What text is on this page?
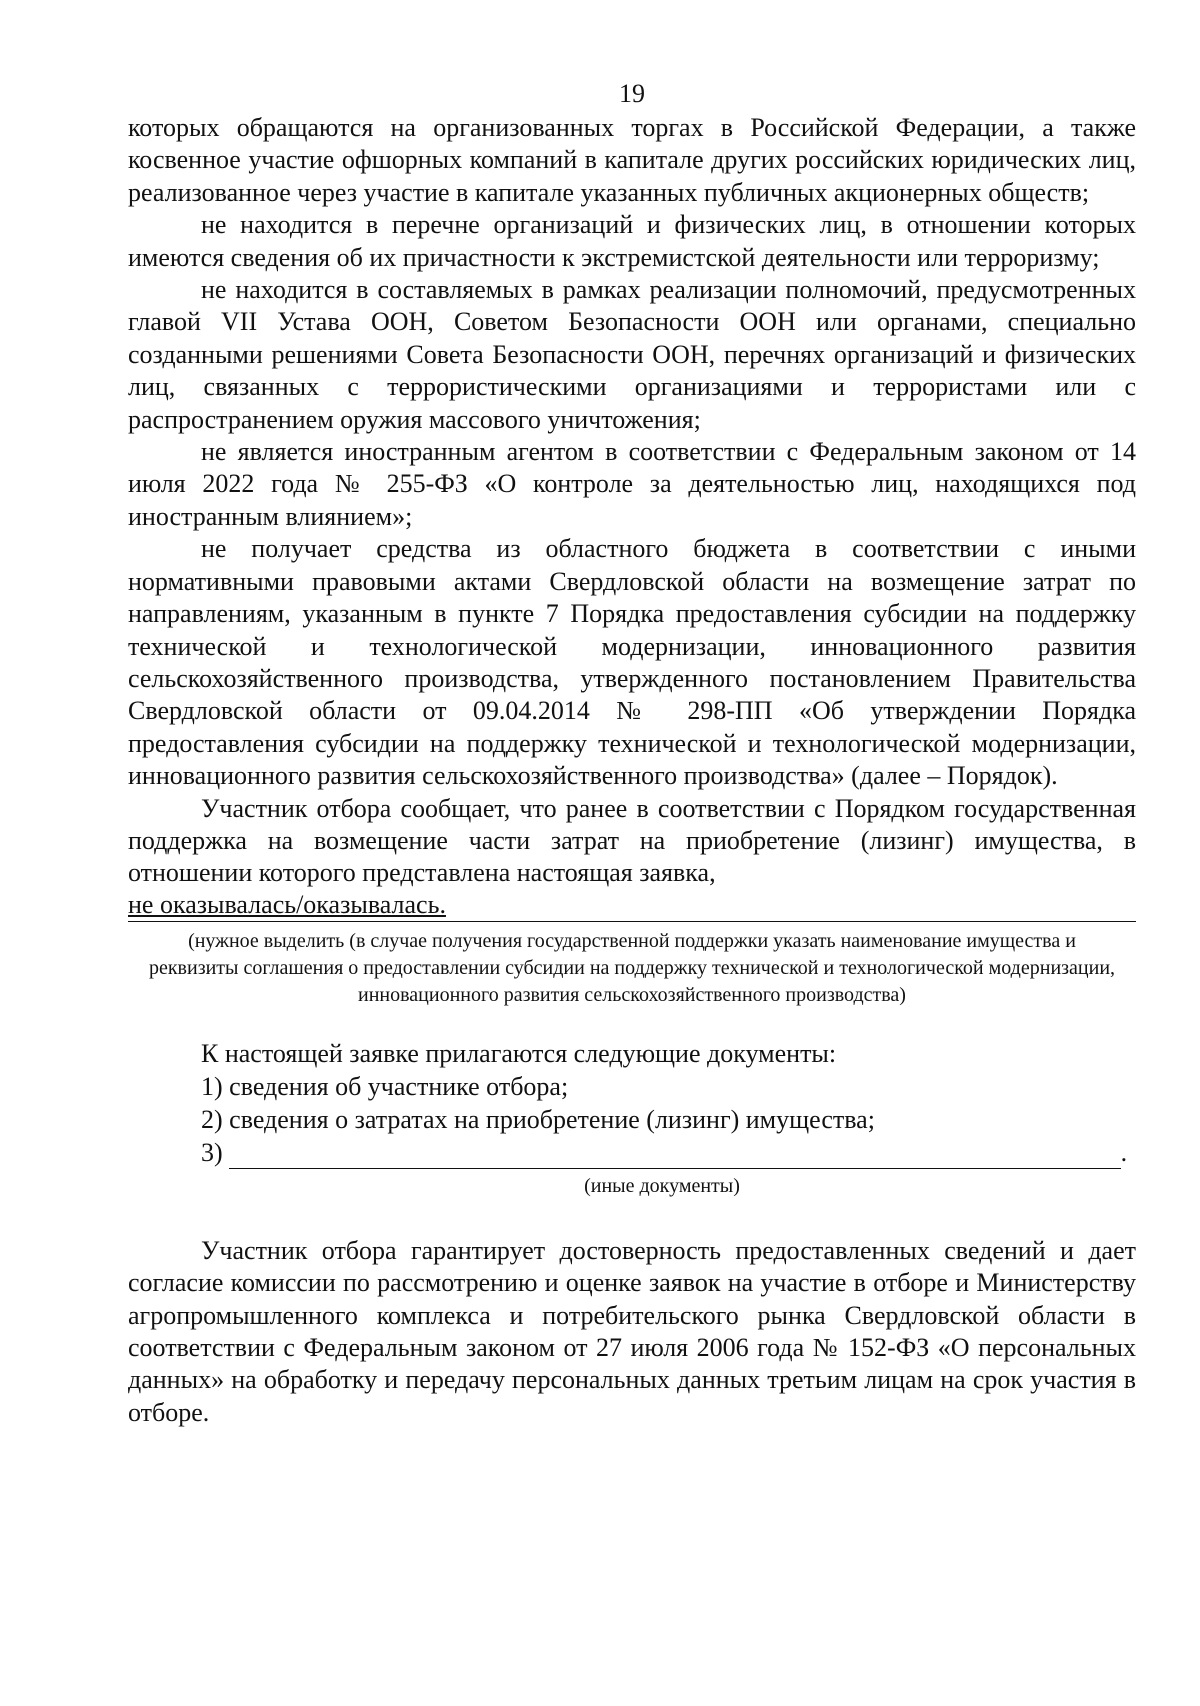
19

которых обращаются на организованных торгах в Российской Федерации, а также косвенное участие офшорных компаний в капитале других российских юридических лиц, реализованное через участие в капитале указанных публичных акционерных обществ;

не находится в перечне организаций и физических лиц, в отношении которых имеются сведения об их причастности к экстремистской деятельности или терроризму;

не находится в составляемых в рамках реализации полномочий, предусмотренных главой VII Устава ООН, Советом Безопасности ООН или органами, специально созданными решениями Совета Безопасности ООН, перечнях организаций и физических лиц, связанных с террористическими организациями и террористами или с распространением оружия массового уничтожения;

не является иностранным агентом в соответствии с Федеральным законом от 14 июля 2022 года № 255-ФЗ «О контроле за деятельностью лиц, находящихся под иностранным влиянием»;

не получает средства из областного бюджета в соответствии с иными нормативными правовыми актами Свердловской области на возмещение затрат по направлениям, указанным в пункте 7 Порядка предоставления субсидии на поддержку технической и технологической модернизации, инновационного развития сельскохозяйственного производства, утвержденного постановлением Правительства Свердловской области от 09.04.2014 № 298-ПП «Об утверждении Порядка предоставления субсидии на поддержку технической и технологической модернизации, инновационного развития сельскохозяйственного производства» (далее – Порядок).

Участник отбора сообщает, что ранее в соответствии с Порядком государственная поддержка на возмещение части затрат на приобретение (лизинг) имущества, в отношении которого представлена настоящая заявка,

не оказывалась/оказывалась.

(нужное выделить (в случае получения государственной поддержки указать наименование имущества и реквизиты соглашения о предоставлении субсидии на поддержку технической и технологической модернизации, инновационного развития сельскохозяйственного производства)

К настоящей заявке прилагаются следующие документы:

1) сведения об участнике отбора;

2) сведения о затратах на приобретение (лизинг) имущества;

3)	.

(иные документы)

Участник отбора гарантирует достоверность предоставленных сведений и дает согласие комиссии по рассмотрению и оценке заявок на участие в отборе и Министерству агропромышленного комплекса и потребительского рынка Свердловской области в соответствии с Федеральным законом от 27 июля 2006 года № 152-ФЗ «О персональных данных» на обработку и передачу персональных данных третьим лицам на срок участия в отборе.
